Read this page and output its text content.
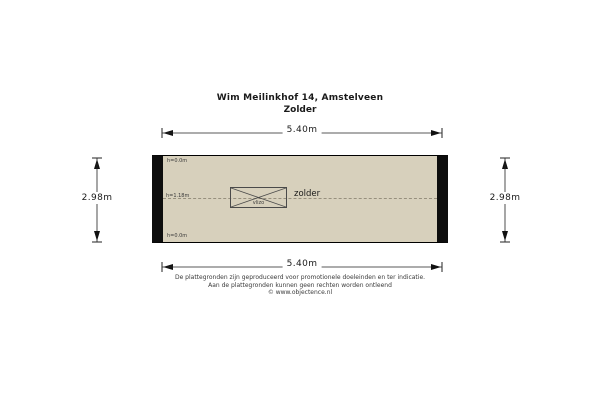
Wim Meilinkhof 14, Amstelveen
Zolder
5.40m
2.98m	2.98m
h=0.0m
h=1.18m
h=0.0m
vlizo
zolder
5.40m
De plattegronden zijn geproduceerd voor promotionele doeleinden en ter indicatie.
Aan de plattegronden kunnen geen rechten worden ontleend
© www.objectence.nl
